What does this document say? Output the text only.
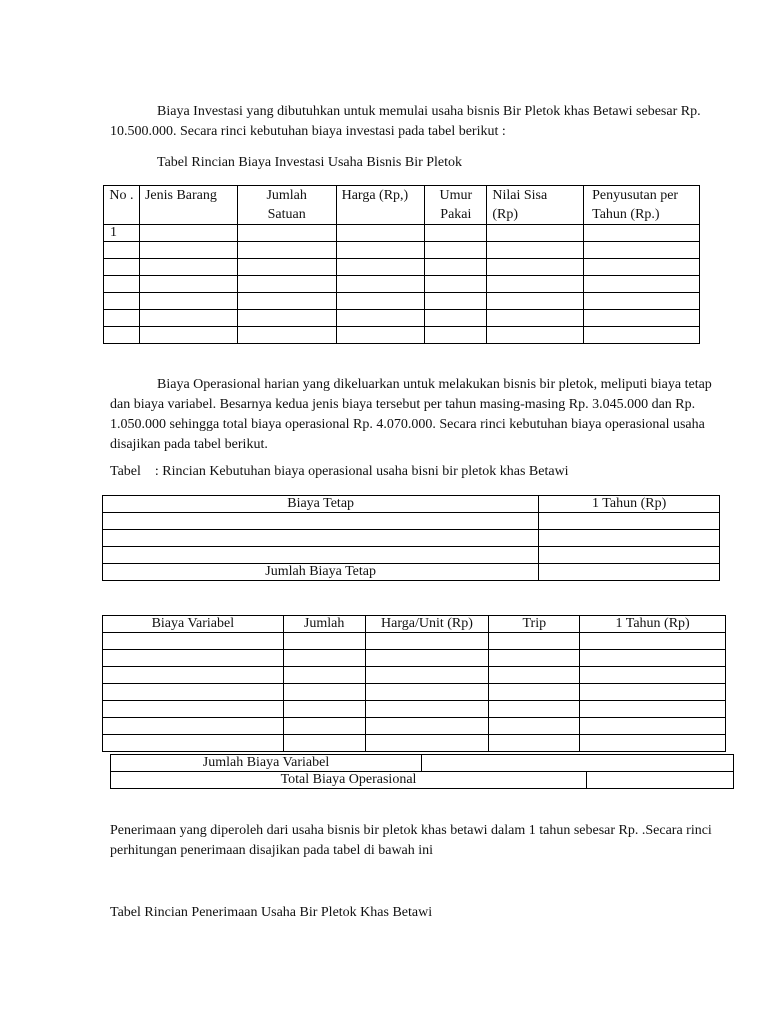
Biaya Investasi yang dibutuhkan untuk memulai usaha bisnis Bir Pletok khas Betawi sebesar Rp. 10.500.000. Secara rinci kebutuhan biaya investasi pada tabel berikut :

Tabel Rincian Biaya Investasi Usaha Bisnis Bir Pletok

No .	Jenis Barang	Jumlah Satuan	Harga (Rp,)	Umur Pakai	Nilai Sisa (Rp)	Penyusutan per Tahun (Rp.)
1						

Biaya Operasional harian yang dikeluarkan untuk melakukan bisnis bir pletok, meliputi biaya tetap dan biaya variabel. Besarnya kedua jenis biaya tersebut per tahun masing-masing Rp. 3.045.000 dan Rp. 1.050.000 sehingga total biaya operasional Rp. 4.070.000. Secara rinci kebutuhan biaya operasional usaha disajikan pada tabel berikut.

Tabel    : Rincian Kebutuhan biaya operasional usaha bisni bir pletok khas Betawi

Biaya Tetap	1 Tahun (Rp)

Jumlah Biaya Tetap	
Biaya Variabel	Jumlah	Harga/Unit (Rp)	Trip	1 Tahun (Rp)

Jumlah Biaya Variabel		
Total Biaya Operasional		

Penerimaan yang diperoleh dari usaha bisnis bir pletok khas betawi dalam 1 tahun sebesar Rp. .Secara rinci perhitungan penerimaan disajikan pada tabel di bawah ini

Tabel Rincian Penerimaan Usaha Bir Pletok Khas Betawi
